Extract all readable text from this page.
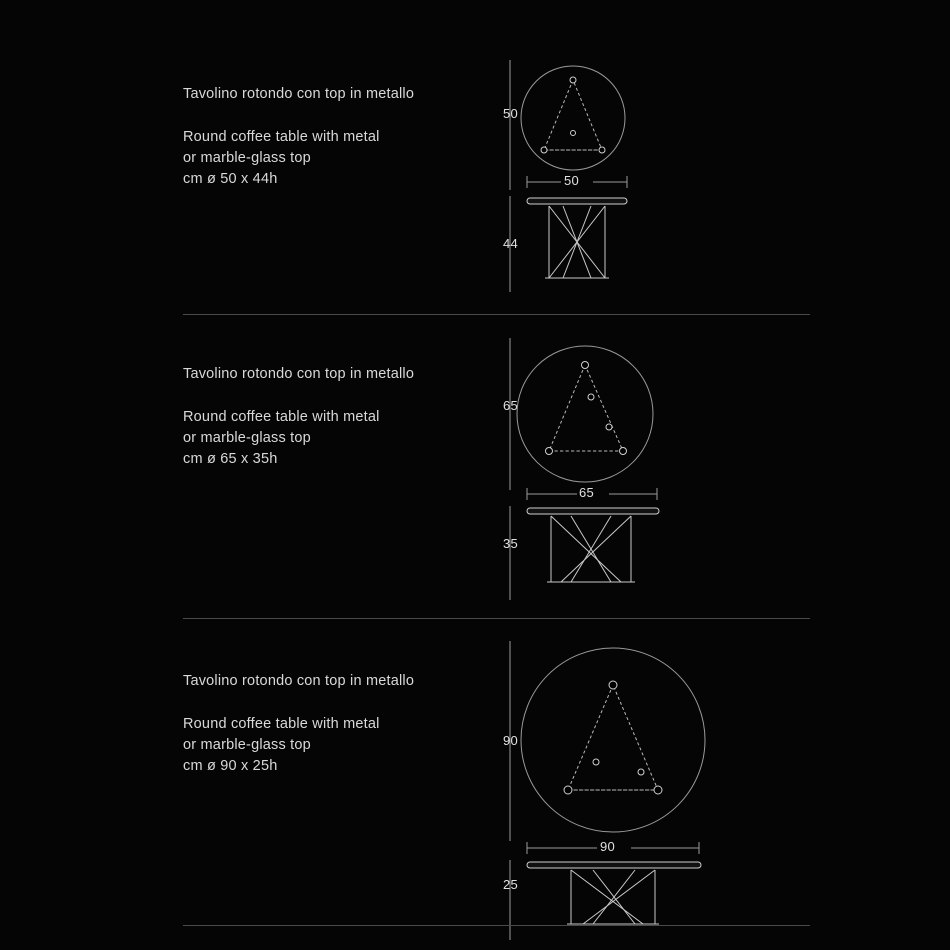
Tavolino rotondo con top in metallo
Round coffee table with metal
or marble-glass top
cm ø 50 x 44h
50
50
44
Tavolino rotondo con top in metallo
Round coffee table with metal
or marble-glass top
cm ø 65 x 35h
65
65
Tavolino rotondo con top in metallo
Round coffee table with metal
or marble-glass top
cm ø 90 x 25h
90
90
35
25
